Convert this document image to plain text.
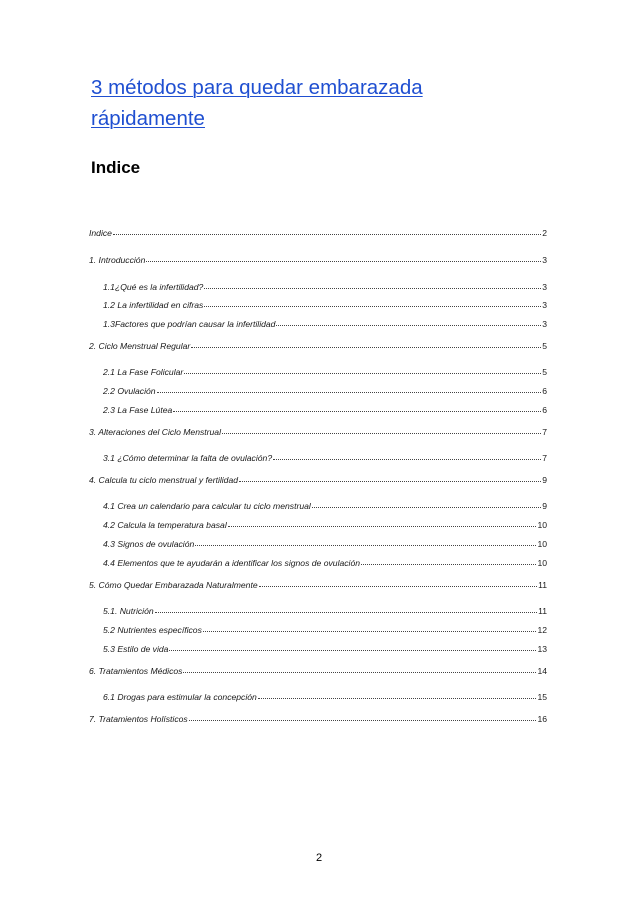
3 métodos para quedar embarazada rápidamente
Indice
Indice	2
1. Introducción	3
1.1¿Qué es la infertilidad?	3
1.2 La infertilidad en cifras	3
1.3Factores que podrían causar la infertilidad	3
2. Ciclo Menstrual Regular	5
2.1 La Fase Folicular	5
2.2 Ovulación	6
2.3 La Fase Lútea	6
3. Alteraciones del Ciclo Menstrual	7
3.1 ¿Cómo determinar la falta de ovulación?	7
4. Calcula tu ciclo menstrual y fertilidad	9
4.1 Crea un calendario para calcular tu ciclo menstrual	9
4.2 Calcula la temperatura basal	10
4.3 Signos de ovulación	10
4.4 Elementos que te ayudarán a identificar los signos de ovulación	10
5. Cómo Quedar Embarazada Naturalmente	11
5.1. Nutrición	11
5.2 Nutrientes específicos	12
5.3 Estilo de vida	13
6. Tratamientos Médicos	14
6.1 Drogas para estimular la concepción	15
7. Tratamientos Holísticos	16
2
